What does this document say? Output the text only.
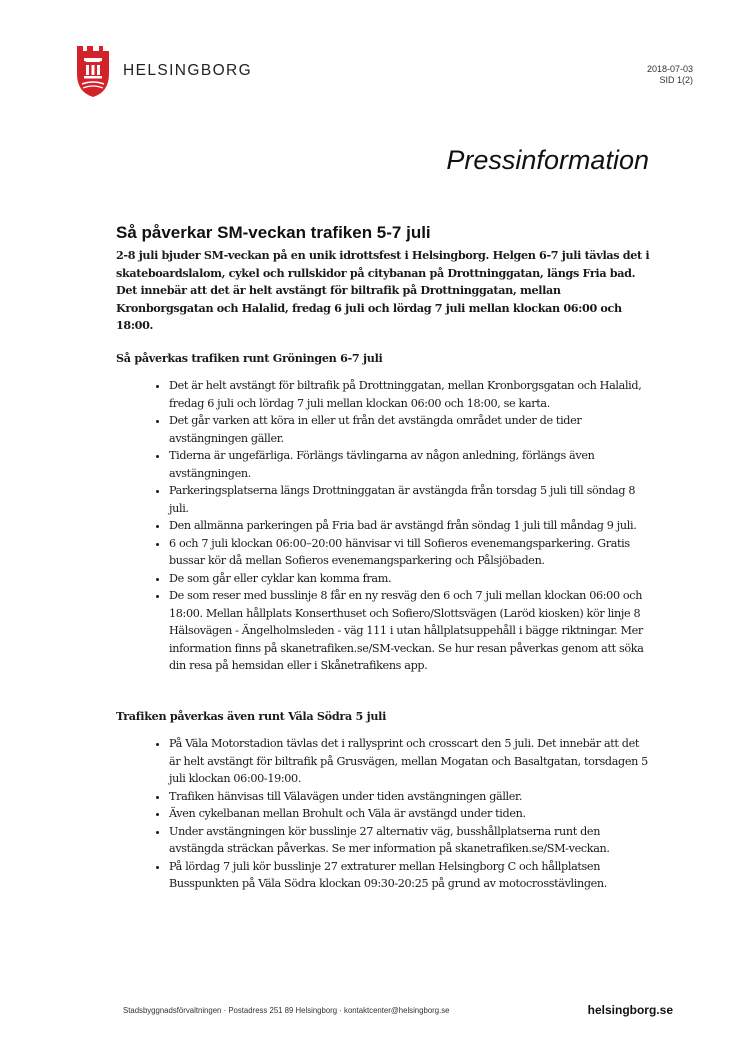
HELSINGBORG	2018-07-03
SID 1(2)
Pressinformation
Så påverkar SM-veckan trafiken 5-7 juli

2-8 juli bjuder SM-veckan på en unik idrottsfest i Helsingborg. Helgen 6-7 juli tävlas det i skateboardslalom, cykel och rullskidor på citybanan på Drottninggatan, längs Fria bad. Det innebär att det är helt avstängt för biltrafik på Drottninggatan, mellan Kronborgsgatan och Halalid, fredag 6 juli och lördag 7 juli mellan klockan 06:00 och 18:00.

Så påverkas trafiken runt Gröningen 6-7 juli

• Det är helt avstängt för biltrafik på Drottninggatan, mellan Kronborgsgatan och Halalid, fredag 6 juli och lördag 7 juli mellan klockan 06:00 och 18:00, se karta.
• Det går varken att köra in eller ut från det avstängda området under de tider avstängningen gäller.
• Tiderna är ungefärliga. Förlängs tävlingarna av någon anledning, förlängs även avstängningen.
• Parkeringsplatserna längs Drottninggatan är avstängda från torsdag 5 juli till söndag 8 juli.
• Den allmänna parkeringen på Fria bad är avstängd från söndag 1 juli till måndag 9 juli.
• 6 och 7 juli klockan 06:00–20:00 hänvisar vi till Sofieros evenemangsparkering. Gratis bussar kör då mellan Sofieros evenemangsparkering och Pålsjöbaden.
• De som går eller cyklar kan komma fram.
• De som reser med busslinje 8 får en ny resväg den 6 och 7 juli mellan klockan 06:00 och 18:00. Mellan hållplats Konserthuset och Sofiero/Slottsvägen (Laröd kiosken) kör linje 8 Hälsovägen - Ängelholmsleden - väg 111 i utan hållplatsuppehåll i bägge riktningar. Mer information finns på skanetrafiken.se/SM-veckan. Se hur resan påverkas genom att söka din resa på hemsidan eller i Skånetrafikens app.

Trafiken påverkas även runt Väla Södra 5 juli

• På Väla Motorstadion tävlas det i rallysprint och crosscart den 5 juli. Det innebär att det är helt avstängt för biltrafik på Grusvägen, mellan Mogatan och Basaltgatan, torsdagen 5 juli klockan 06:00-19:00.
• Trafiken hänvisas till Välavägen under tiden avstängningen gäller.
• Även cykelbanan mellan Brohult och Väla är avstängd under tiden.
• Under avstängningen kör busslinje 27 alternativ väg, busshållplatserna runt den avstängda sträckan påverkas. Se mer information på skanetrafiken.se/SM-veckan.
• På lördag 7 juli kör busslinje 27 extraturer mellan Helsingborg C och hållplatsen Busspunkten på Väla Södra klockan 09:30-20:25 på grund av motocrosstävlingen.
Stadsbyggnadsförvaltningen · Postadress 251 89 Helsingborg · kontaktcenter@helsingborg.se	helsingborg.se
